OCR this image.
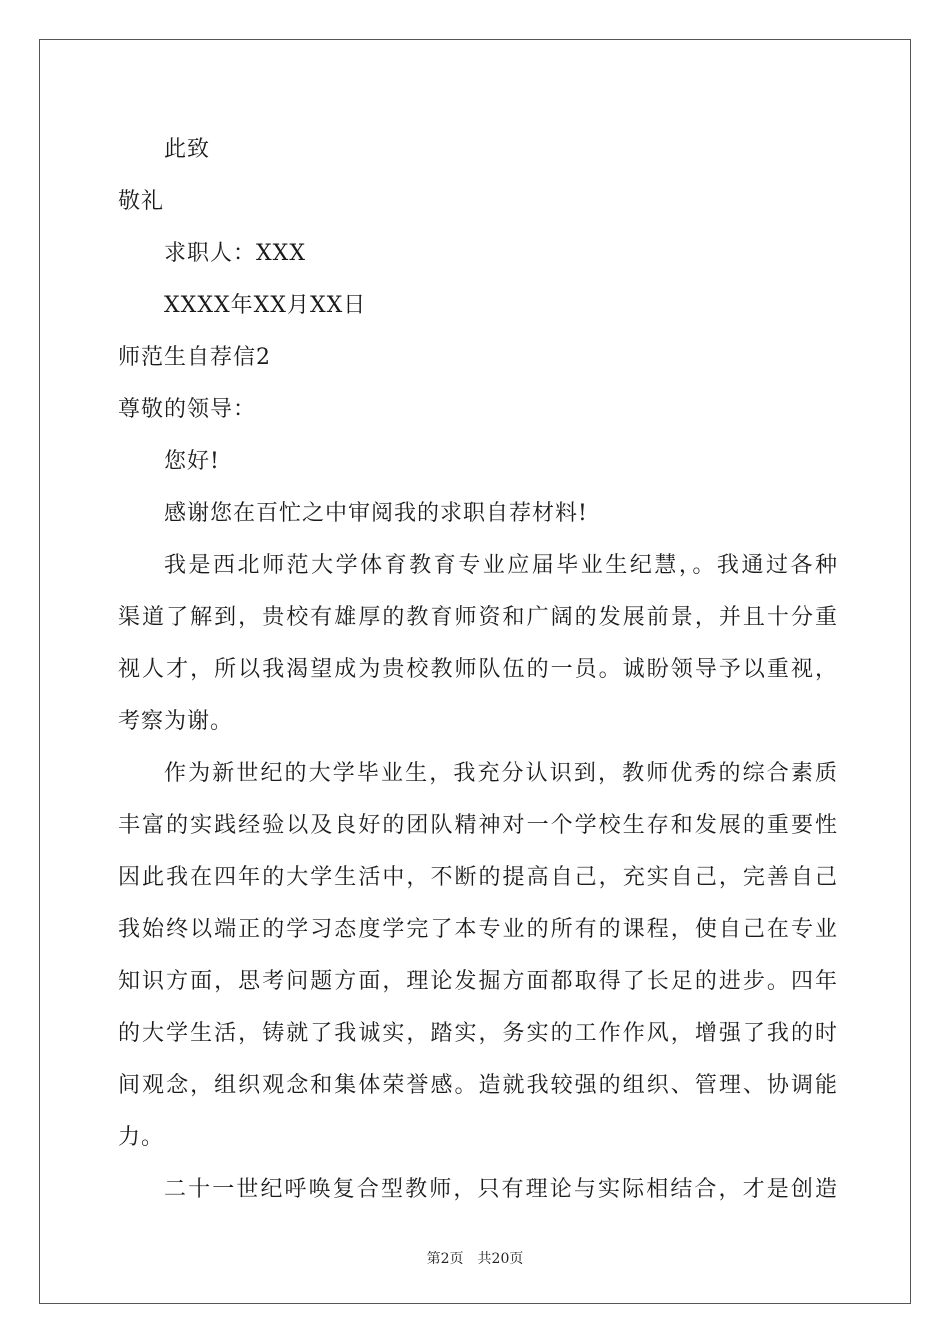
此致
敬礼
求职人：XXX
XXXX年XX月XX日
师范生自荐信2
尊敬的领导：
您好!
感谢您在百忙之中审阅我的求职自荐材料!
我是西北师范大学体育教育专业应届毕业生纪慧，。我通过各种
渠道了解到，贵校有雄厚的教育师资和广阔的发展前景，并且十分重
视人才，所以我渴望成为贵校教师队伍的一员。诚盼领导予以重视，
考察为谢。
作为新世纪的大学毕业生，我充分认识到，教师优秀的综合素质
丰富的实践经验以及良好的团队精神对一个学校生存和发展的重要性
因此我在四年的大学生活中，不断的提高自己，充实自己，完善自己
我始终以端正的学习态度学完了本专业的所有的课程，使自己在专业
知识方面，思考问题方面，理论发掘方面都取得了长足的进步。四年
的大学生活，铸就了我诚实，踏实，务实的工作作风，增强了我的时
间观念，组织观念和集体荣誉感。造就我较强的组织、管理、协调能
力。
二十一世纪呼唤复合型教师，只有理论与实际相结合，才是创造
第2页　共20页
